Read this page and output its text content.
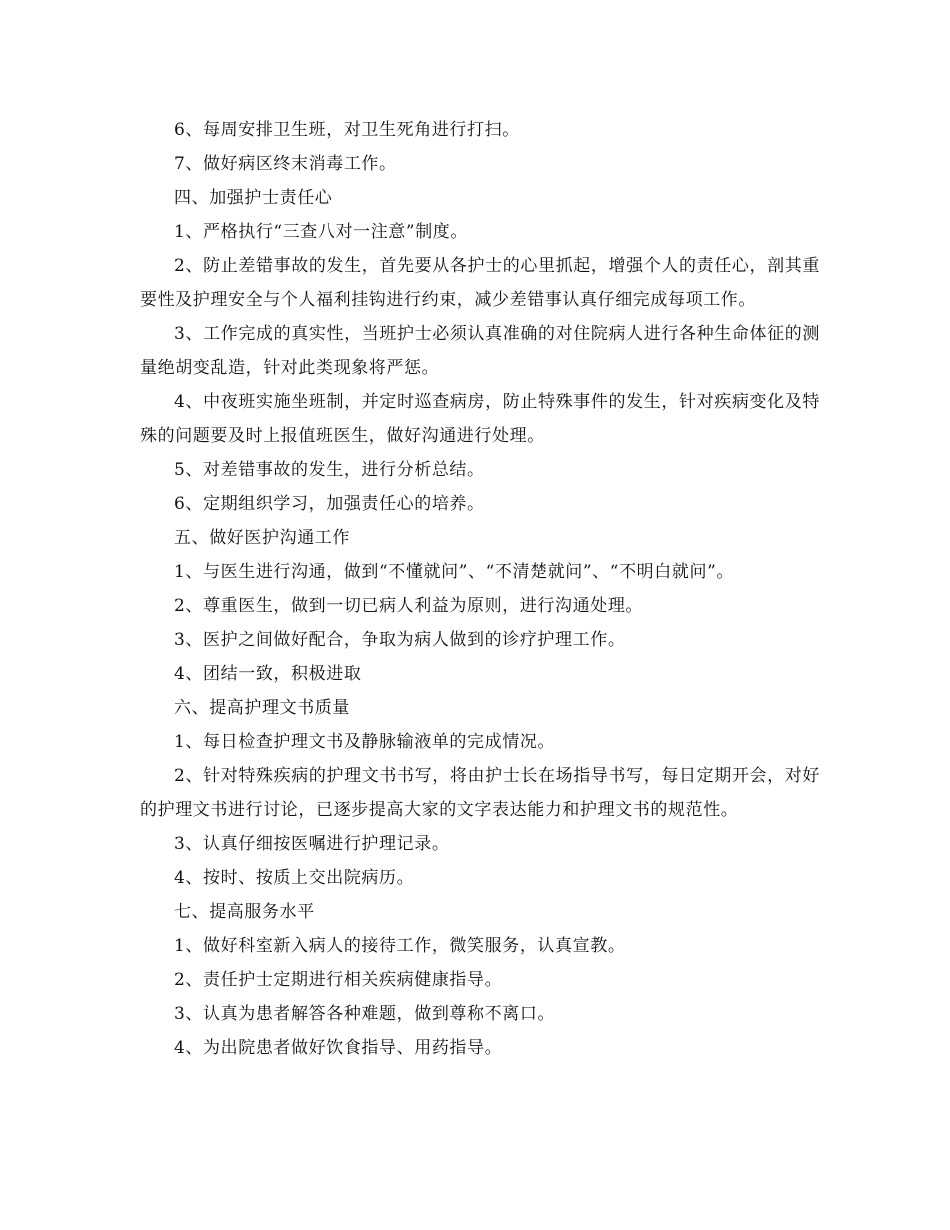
6、每周安排卫生班，对卫生死角进行打扫。

7、做好病区终末消毒工作。

四、加强护士责任心

1、严格执行“三查八对一注意”制度。

2、防止差错事故的发生，首先要从各护士的心里抓起，增强个人的责任心，剖其重要性及护理安全与个人福利挂钩进行约束，减少差错事认真仔细完成每项工作。

3、工作完成的真实性，当班护士必须认真准确的对住院病人进行各种生命体征的测量绝胡变乱造，针对此类现象将严惩。

4、中夜班实施坐班制，并定时巡查病房，防止特殊事件的发生，针对疾病变化及特殊的问题要及时上报值班医生，做好沟通进行处理。

5、对差错事故的发生，进行分析总结。

6、定期组织学习，加强责任心的培养。

五、做好医护沟通工作

1、与医生进行沟通，做到“不懂就问”、“不清楚就问”、“不明白就问”。

2、尊重医生，做到一切已病人利益为原则，进行沟通处理。

3、医护之间做好配合，争取为病人做到的诊疗护理工作。

4、团结一致，积极进取

六、提高护理文书质量

1、每日检查护理文书及静脉输液单的完成情况。

2、针对特殊疾病的护理文书书写，将由护士长在场指导书写，每日定期开会，对好的护理文书进行讨论，已逐步提高大家的文字表达能力和护理文书的规范性。

3、认真仔细按医嘱进行护理记录。

4、按时、按质上交出院病历。

七、提高服务水平

1、做好科室新入病人的接待工作，微笑服务，认真宣教。

2、责任护士定期进行相关疾病健康指导。

3、认真为患者解答各种难题，做到尊称不离口。

4、为出院患者做好饮食指导、用药指导。
